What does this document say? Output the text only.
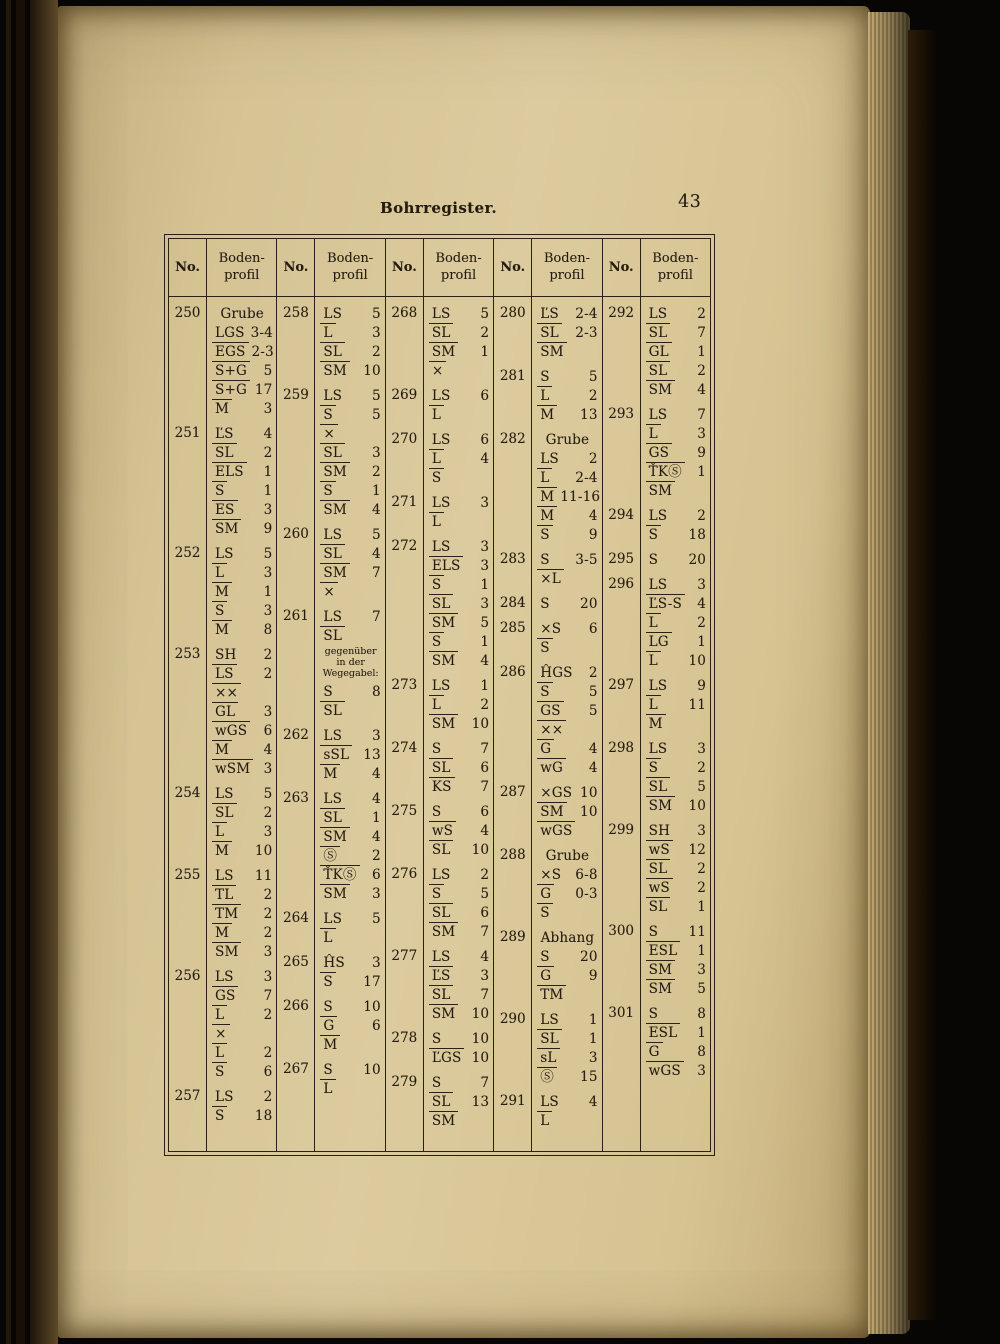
Bohrregister.	43
No.
Boden-
profil	No.
Boden-
profil	No.
Boden-
profil	No.
Boden-
profil	No.
Boden-
profil
250	Grube
LGS 3-4
EGS 2-3
S+G 5
S+G 17
M	3
251	ĽS 4
SL 2
ELS 1
S	1
ES 3
SM 9
252	LS 5
L	3
M	1
S	3
M	8
253	SH 2
LS 2
××
GL 3
wGS 6
M	4
wSM 3
254	LS 5
SL 2
L	3
M 10
255	LS 11
TL 2
TM 2
M	2
SM 3
256	LS 3
GS 7
L	2
×
L	2
S	6
257	LS 2
S 18
258	LS 5
L	3
SL 2
SM 10
259	LS 5
S	5
×
SL 3
SM 2
S	1
SM 4
260	LS 5
SL 4
SM 7
×
261	LS 7
SL
gegenüber in der Wegegabel:
S	8
SL
262	LS 3
sSL 13
M	4
263	LS 4
SL 1
SM 4
Ⓢ	2
ŤKⓈ 6
SM 3
264	LS 5
L
265	ĤS 3
S 17
266	S 10
G	6
M
267	S 10
L
268	LS 5
SL 2
SM 1
×
269	LS 6
L
270	LS 6
L	4
S
271	LS 3
L
272	LS 3
ELS 3
S	1
SL 3
SM 5
S	1
SM 4
273	LS 1
L	2
SM 10
274	S	7
SL 6
KS 7
275	S	6
wS 4
SL 10
276	LS 2
S	5
SL 6
SM 7
277	LS 4
ĽS 3
SL 7
SM 10
278	S 10
ĽGS 10
279	S	7
SL 13
SM
280	ĽS 2-4
SL 2-3
SM
281	S	5
L	2
M 13
282	Grube
LS 2
L 2-4
M 11-16
M	4
S	9
283	S 3-5
×L
284	S 20
285	×S 6
S
286	ĤGS 2
S	5
GS 5
××
G	4
wG 4
287	×GS 10
SM 10
wGS
288	Grube
×S 6-8
G 0-3
S
289	Abhang
S 20
G	9
TM
290	LS 1
SL 1
sL 3
Ⓢ 15
291	LS 4
L
292	LS 2
SL 7
GL 1
SL 2
SM 4
293	LS 7
L	3
GS 9
ŤKⓈ 1
SM
294	LS 2
S 18
295	S 20
296	LS 3
ĽS-S 4
L	2
LG 1
L 10
297	LS 9
L 11
M
298	LS 3
S	2
SL 5
SM 10
299	SH 3
wS 12
SL 2
wS 2
SL 1
300	S 11
ESL 1
SM 3
SM 5
301	S	8
ESL 1
G	8
wGS 3
